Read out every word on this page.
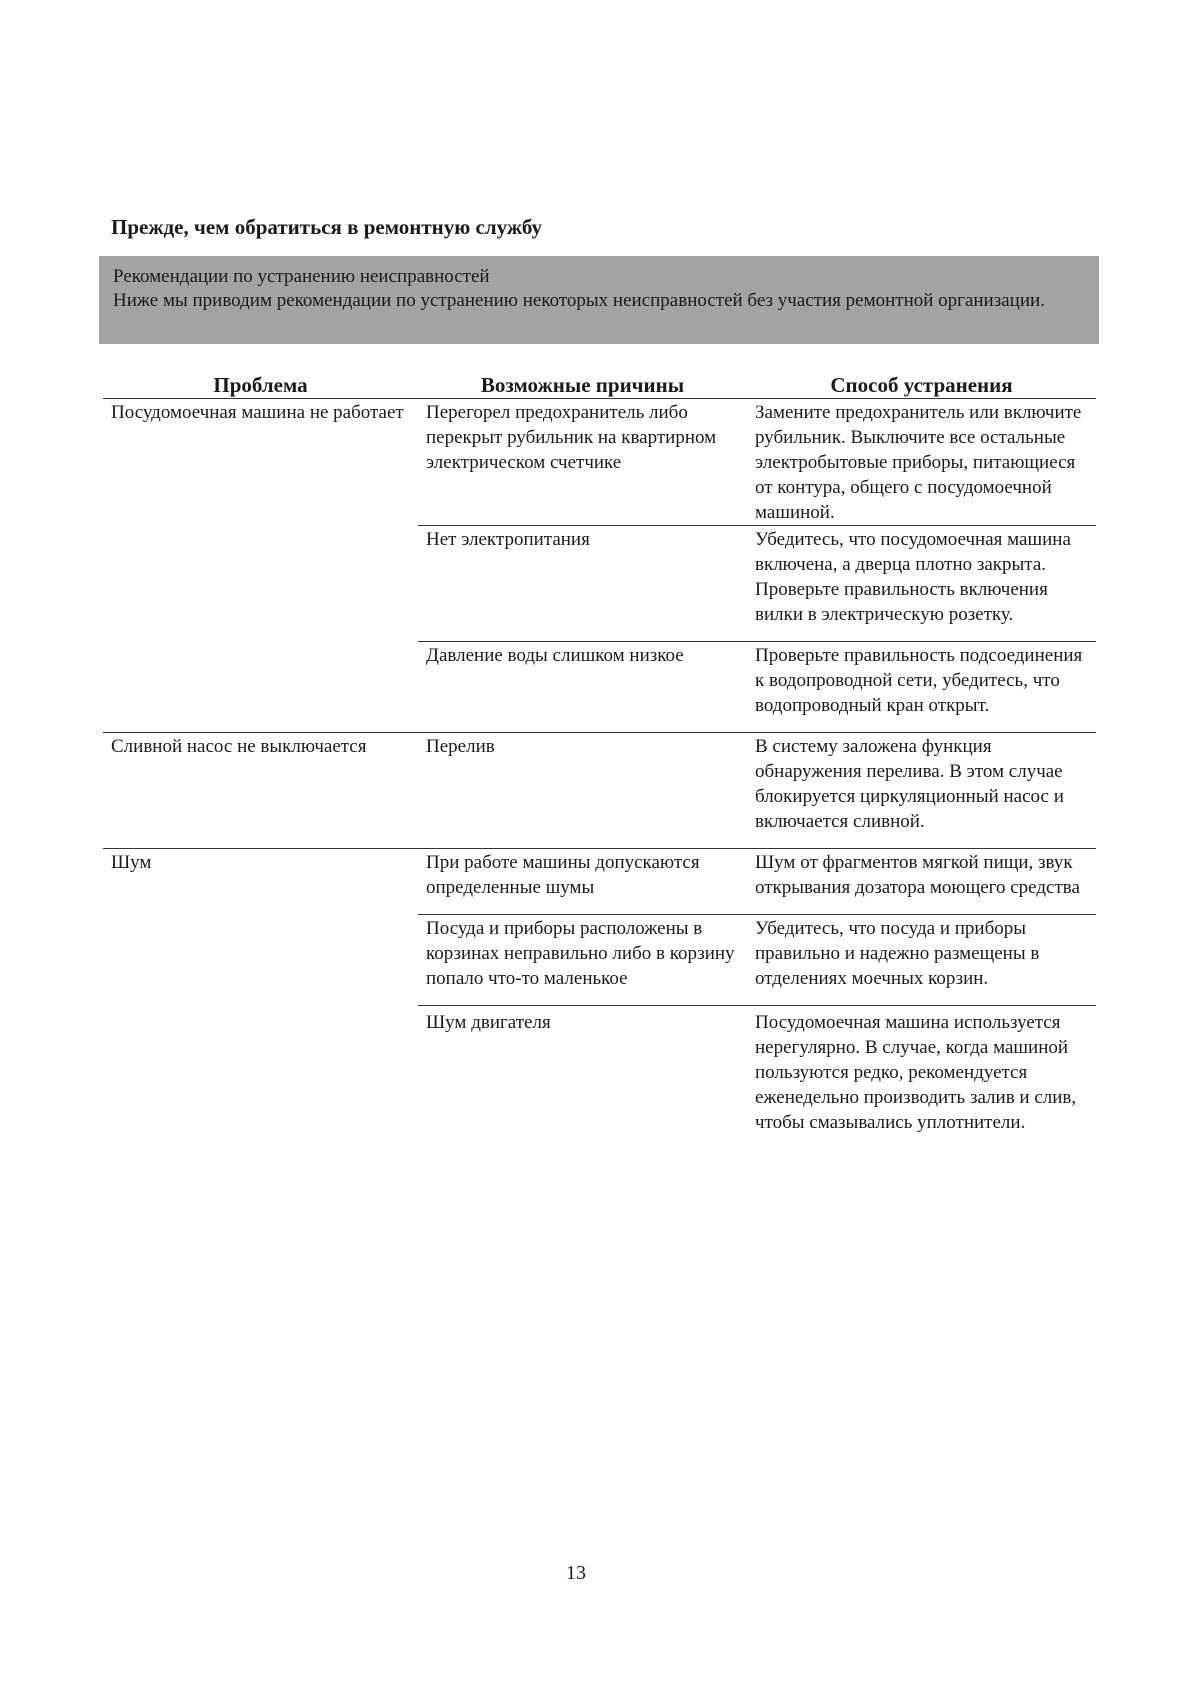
Прежде, чем обратиться в ремонтную службу
Рекомендации по устранению неисправностей
Ниже мы приводим рекомендации по устранению некоторых неисправностей без участия ремонтной организации.
Проблема	Возможные причины	Способ устранения
Посудомоечная машина не работает	Перегорел предохранитель либо перекрыт рубильник на квартирном электрическом счетчике	Замените предохранитель или включите рубильник. Выключите все остальные электробытовые приборы, питающиеся от контура, общего с посудомоечной машиной.
	Нет электропитания	Убедитесь, что посудомоечная машина включена, а дверца плотно закрыта. Проверьте правильность включения вилки в электрическую розетку.
	Давление воды слишком низкое	Проверьте правильность подсоединения к водопроводной сети, убедитесь, что водопроводный кран открыт.
Сливной насос не выключается	Перелив	В систему заложена функция обнаружения перелива. В этом случае блокируется циркуляционный насос и включается сливной.
Шум	При работе машины допускаются определенные шумы	Шум от фрагментов мягкой пищи, звук открывания дозатора моющего средства
	Посуда и приборы расположены в корзинах неправильно либо в корзину попало что-то маленькое	Убедитесь, что посуда и приборы правильно и надежно размещены в отделениях моечных корзин.
	Шум двигателя	Посудомоечная машина используется нерегулярно. В случае, когда машиной пользуются редко, рекомендуется еженедельно производить залив и слив, чтобы смазывались уплотнители.
13
